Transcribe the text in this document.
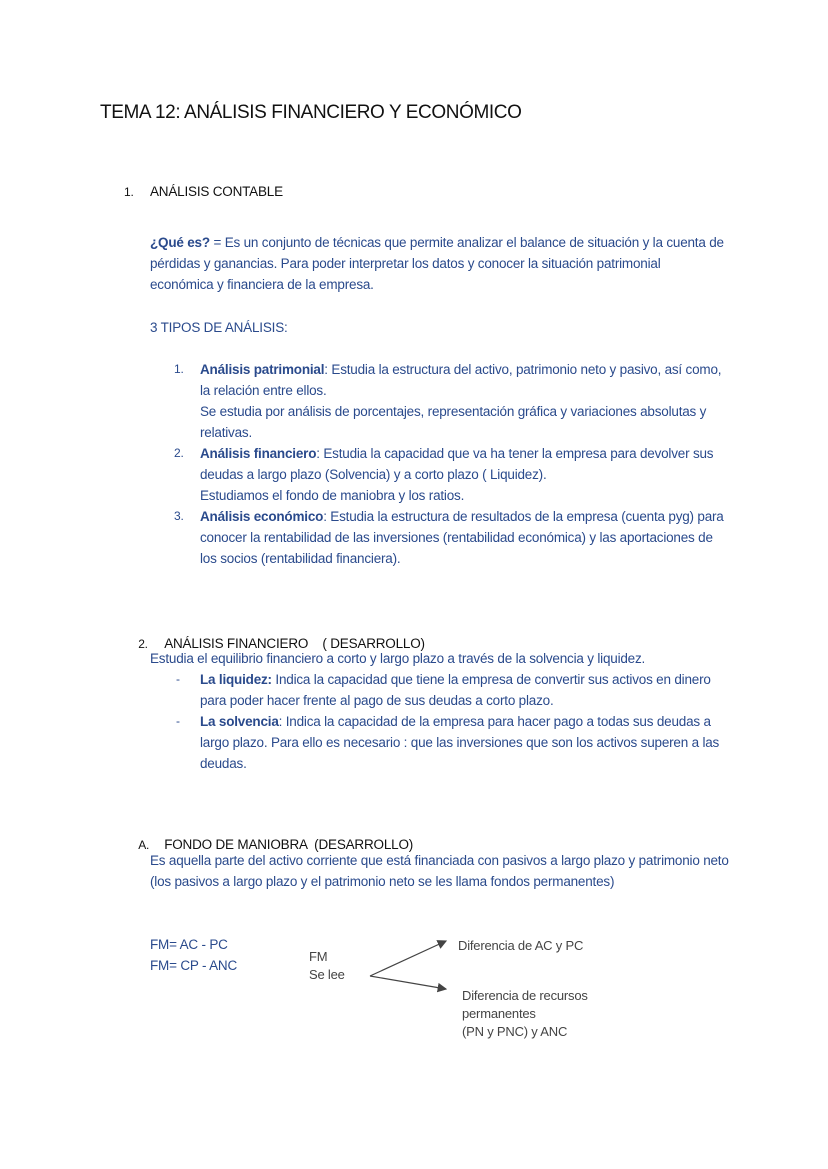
TEMA 12: ANÁLISIS FINANCIERO Y ECONÓMICO
1. ANÁLISIS CONTABLE
¿Qué es? = Es un conjunto de técnicas que permite analizar el balance de situación y la cuenta de pérdidas y ganancias. Para poder interpretar los datos y conocer la situación patrimonial económica y financiera de la empresa.
3 TIPOS DE ANÁLISIS:
1. Análisis patrimonial: Estudia la estructura del activo, patrimonio neto y pasivo, así como, la relación entre ellos.
Se estudia por análisis de porcentajes, representación gráfica y variaciones absolutas y relativas.
2. Análisis financiero: Estudia la capacidad que va ha tener la empresa para devolver sus deudas a largo plazo (Solvencia) y a corto plazo ( Liquidez).
Estudiamos el fondo de maniobra y los ratios.
3. Análisis económico: Estudia la estructura de resultados de la empresa (cuenta pyg) para conocer la rentabilidad de las inversiones (rentabilidad económica) y las aportaciones de los socios (rentabilidad financiera).

2. ANÁLISIS FINANCIERO    ( DESARROLLO)

Estudia el equilibrio financiero a corto y largo plazo a través de la solvencia y liquidez.
- La liquidez: Indica la capacidad que tiene la empresa de convertir sus activos en dinero para poder hacer frente al pago de sus deudas a corto plazo.
- La solvencia: Indica la capacidad de la empresa para hacer pago a todas sus deudas a largo plazo. Para ello es necesario : que las inversiones que son los activos superen a las deudas.

A. FONDO DE MANIOBRA  (DESARROLLO)

Es aquella parte del activo corriente que está financiada con pasivos a largo plazo y patrimonio neto (los pasivos a largo plazo y el patrimonio neto se les llama fondos permanentes)
FM= AC - PC
FM= CP - ANC
FM
Se lee
Diferencia de AC y PC
Diferencia de recursos
permanentes
(PN y PNC) y ANC
